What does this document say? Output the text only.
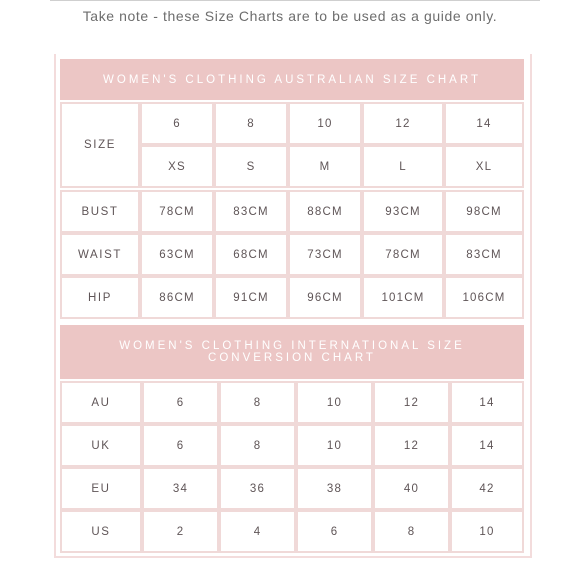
Take note - these Size Charts are to be used as a guide only.
WOMEN'S CLOTHING AUSTRALIAN SIZE CHART
SIZE
6	8	10	12	14
XS	S	M	L	XL
BUST	78CM	83CM	88CM	93CM	98CM
WAIST	63CM	68CM	73CM	78CM	83CM
HIP	86CM	91CM	96CM	101CM	106CM
WOMEN'S CLOTHING INTERNATIONAL SIZE CONVERSION CHART
AU	6	8	10	12	14
UK	6	8	10	12	14
EU	34	36	38	40	42
US	2	4	6	8	10
